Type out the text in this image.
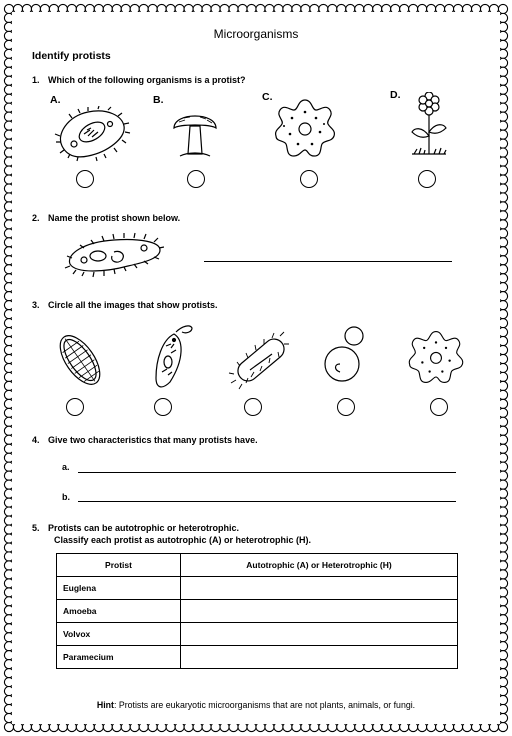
Microorganisms
Identify protists
1. Which of the following organisms is a protist?
A.	B.	C.	D.
2. Name the protist shown below.
3. Circle all the images that show protists.
4. Give two characteristics that many protists have.
a.
b.
5. Protists can be autotrophic or heterotrophic.
Classify each protist as autotrophic (A) or heterotrophic (H).
Protist	Autotrophic (A) or Heterotrophic (H)
Euglena	
Amoeba	
Volvox	
Paramecium	
Hint: Protists are eukaryotic microorganisms that are not plants, animals, or fungi.
